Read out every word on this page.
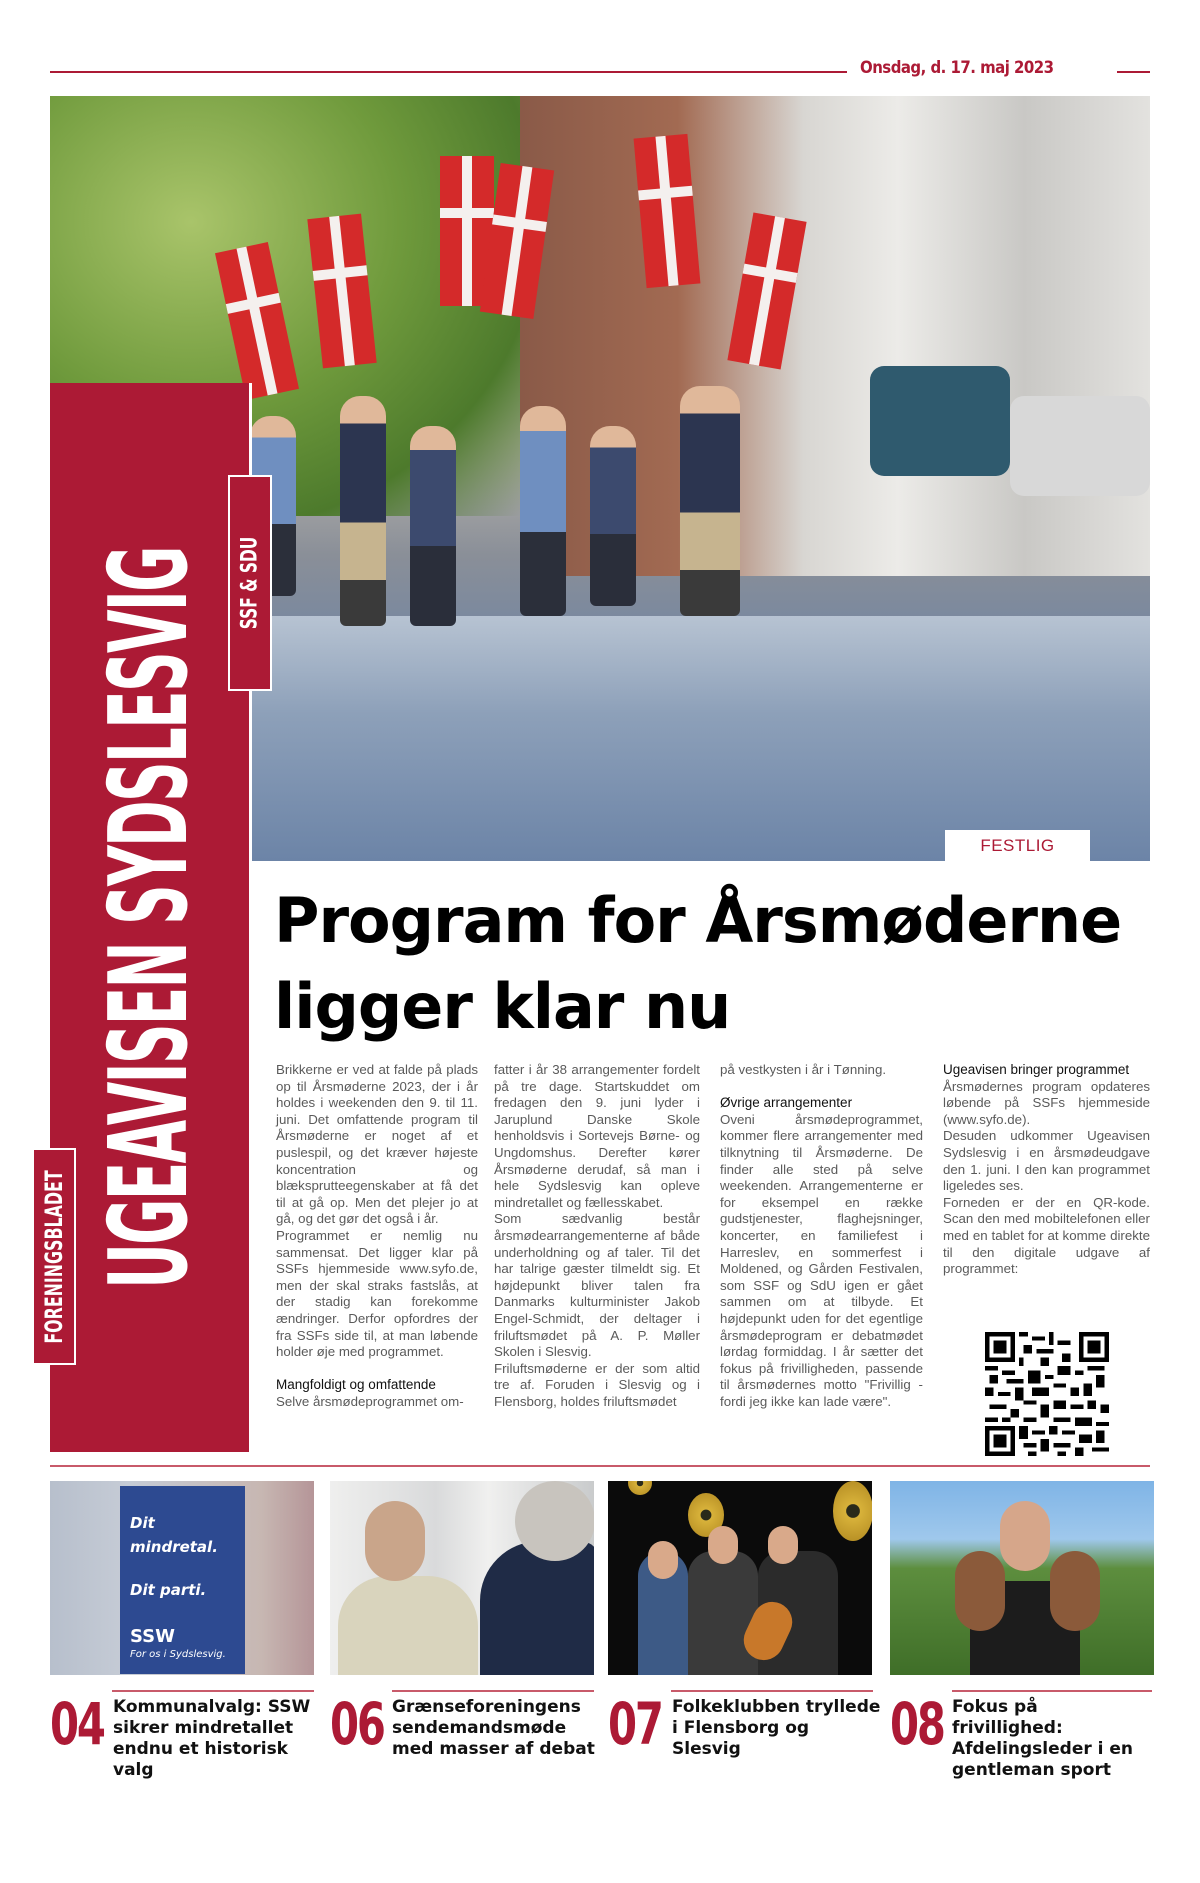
Onsdag, d. 17. maj 2023
UGEAVISEN SYDSLESVIG SSF & SDU
FORENINGSBLADET
FESTLIG
Program for Årsmøderne ligger klar nu

Brikkerne er ved at falde på plads op til Årsmøderne 2023, der i år holdes i weekenden den 9. til 11. juni. Det omfattende program til Årsmøderne er noget af et puslespil, og det kræver højeste koncentration og blæksprutteegenskaber at få det til at gå op. Men det plejer jo at gå, og det gør det også i år.

Programmet er nemlig nu sammensat. Det ligger klar på SSFs hjemmeside www.syfo.de, men der skal straks fastslås, at der stadig kan forekomme ændringer. Derfor opfordres der fra SSFs side til, at man løbende holder øje med programmet.

Mangfoldigt og omfattende

Selve årsmødeprogrammet om-

fatter i år 38 arrangementer fordelt på tre dage. Startskuddet om fredagen den 9. juni lyder i Jaruplund Danske Skole henholdsvis i Sortevejs Børne- og Ungdomshus. Derefter kører Årsmøderne derudaf, så man i hele Sydslesvig kan opleve mindretallet og fællesskabet.

Som sædvanlig består årsmødearrangementerne af både underholdning og af taler. Til det har talrige gæster tilmeldt sig. Et højdepunkt bliver talen fra Danmarks kulturminister Jakob Engel-Schmidt, der deltager i friluftsmødet på A. P. Møller Skolen i Slesvig.

Friluftsmøderne er der som altid tre af. Foruden i Slesvig og i Flensborg, holdes friluftsmødet

på vestkysten i år i Tønning.

Øvrige arrangementer

Oveni årsmødeprogrammet, kommer flere arrangementer med tilknytning til Årsmøderne. De finder alle sted på selve weekenden. Arrangementerne er for eksempel en række gudstjenester, flaghejsninger, koncerter, en familiefest i Harreslev, en sommerfest i Moldened, og Gården Festivalen, som SSF og SdU igen er gået sammen om at tilbyde. Et højdepunkt uden for det egentlige årsmødeprogram er debatmødet lørdag formiddag. I år sætter det fokus på frivilligheden, passende til årsmødernes motto "Frivillig - fordi jeg ikke kan lade være".

Ugeavisen bringer programmet

Årsmødernes program opdateres løbende på SSFs hjemmeside (www.syfo.de).

Desuden udkommer Ugeavisen Sydslesvig i en årsmødeudgave den 1. juni. I den kan programmet ligeledes ses.

Forneden er der en QR-kode. Scan den med mobiltelefonen eller med en tablet for at komme direkte til den digitale udgave af programmet:

Dit
mindretal.
Dit parti.
SSW
For os i Sydslesvig.
04 Kommunalvalg: SSW sikrer mindretallet endnu et historisk valg
06 Grænseforeningens sendemandsmøde med masser af debat 07 Folkeklubben tryllede i Flensborg og Slesvig	08 Fokus på frivillighed: Afdelingsleder i en gentleman sport
